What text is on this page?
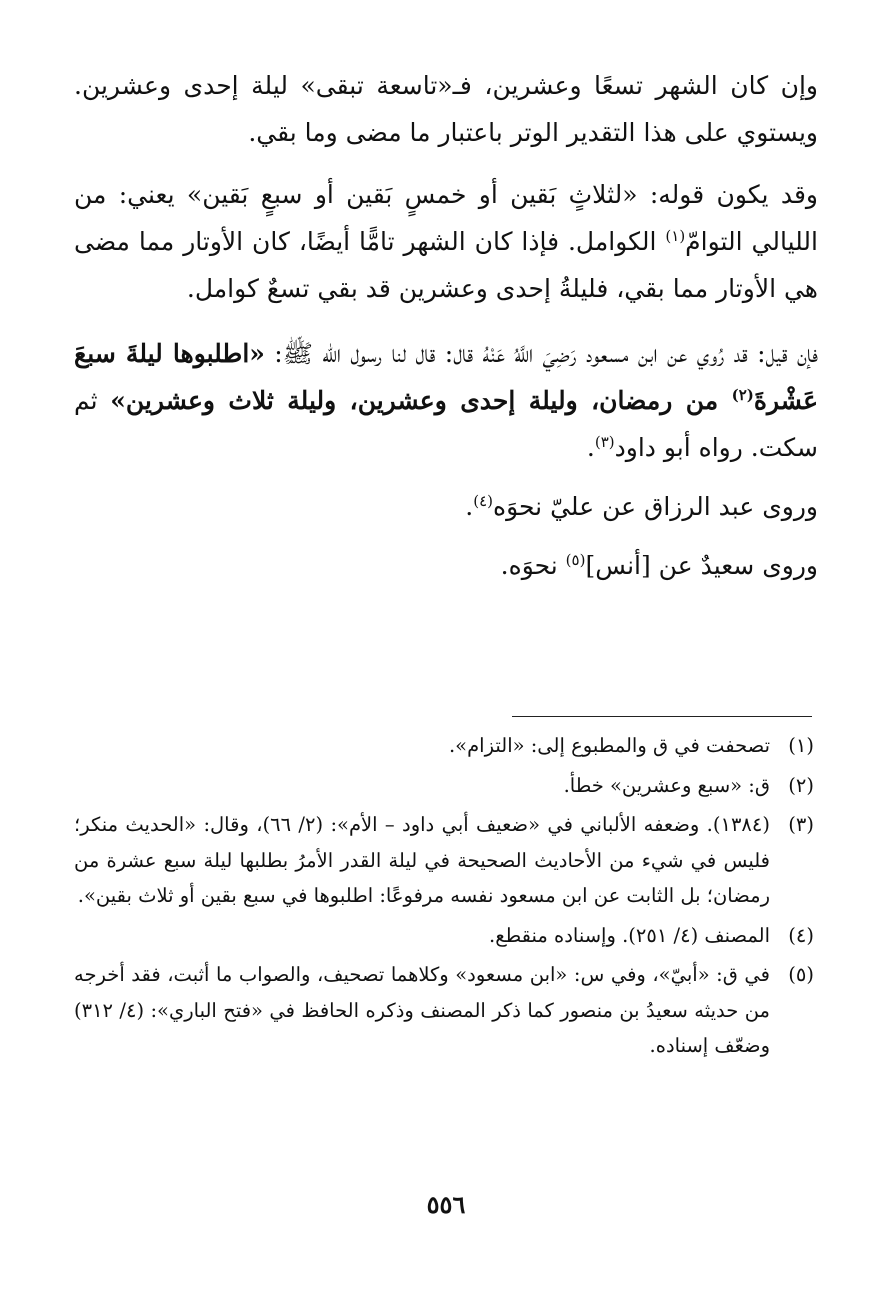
وإن كان الشهر تسعًا وعشرين، فـ«تاسعة تبقى» ليلة إحدى وعشرين. ويستوي على هذا التقدير الوتر باعتبار ما مضى وما بقي.

وقد يكون قوله: «لثلاثٍ بَقين أو خمسٍ بَقين أو سبعٍ بَقين» يعني: من الليالي التوامّ$^{(١)}$ الكوامل. فإذا كان الشهر تامًّا أيضًا، كان الأوتار مما مضى هي الأوتار مما بقي، فليلةُ إحدى وعشرين قد بقي تسعٌ كوامل.

فإن قيل: قد رُوي عن ابن مسعود رَضِيَ اللَّهُ عَنْهُ قال: قال لنا رسول الله ﷺ: «اطلبوها ليلةَ سبعَ عَشْرةَ$^{(٢)}$ من رمضان، وليلة إحدى وعشرين، وليلة ثلاث وعشرين» ثم سكت. رواه أبو داود$^{(٣)}$.

وروى عبد الرزاق عن عليّ نحوَه$^{(٤)}$.

وروى سعيدٌ عن [أنس]$^{(٥)}$ نحوَه.

(١)
تصحفت في ق والمطبوع إلى: «التزام».
(٢)
ق: «سبع وعشرين» خطأ.
(٣)
(١٣٨٤). وضعفه الألباني في «ضعيف أبي داود – الأم»: (٢/ ٦٦)، وقال: «الحديث منكر؛ فليس في شيء من الأحاديث الصحيحة في ليلة القدر الأمرُ بطلبها ليلة سبع عشرة من رمضان؛ بل الثابت عن ابن مسعود نفسه مرفوعًا: اطلبوها في سبع بقين أو ثلاث بقين».
(٤)
المصنف (٤/ ٢٥١). وإسناده منقطع.
(٥)
في ق: «أبيّ»، وفي س: «ابن مسعود» وكلاهما تصحيف، والصواب ما أثبت، فقد أخرجه من حديثه سعيدُ بن منصور كما ذكر المصنف وذكره الحافظ في «فتح الباري»: (٤/ ٣١٢) وضعّف إسناده.
٥٥٦
